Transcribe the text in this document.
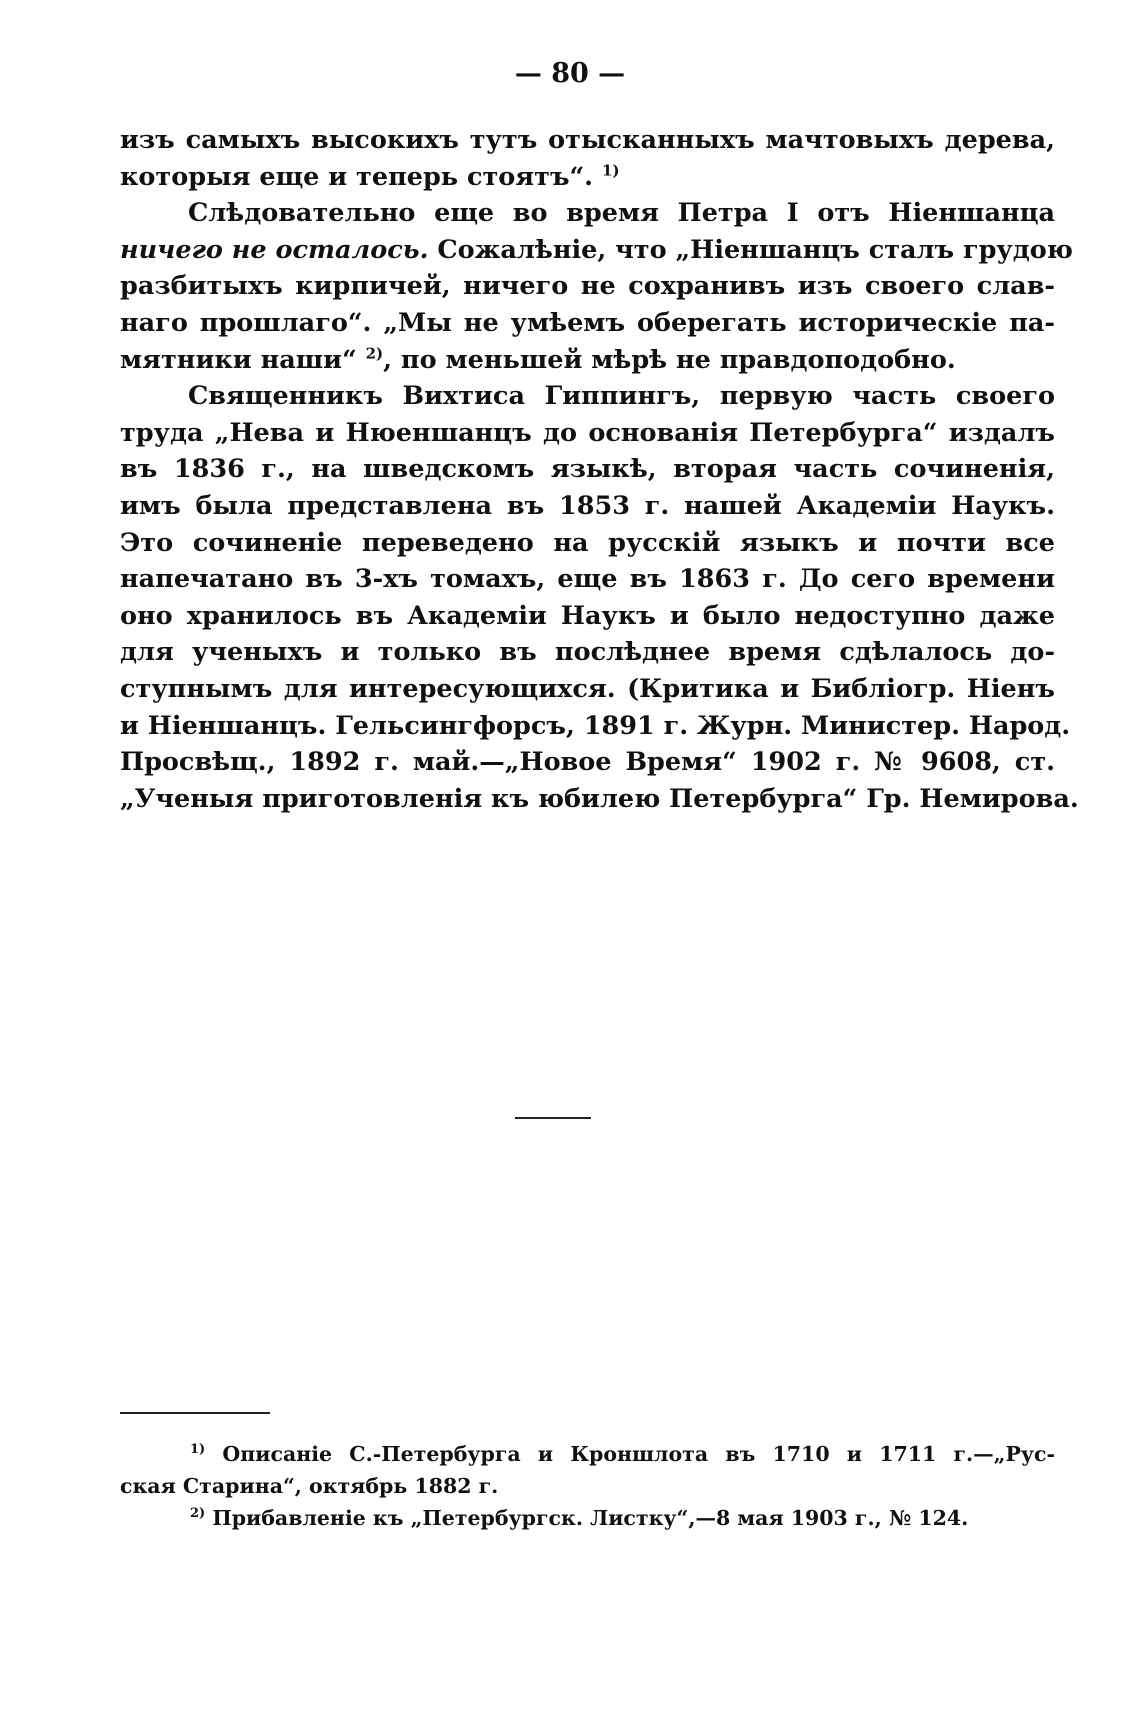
— 80 —
изъ самыхъ высокихъ тутъ отысканныхъ мачтовыхъ дерева,
которыя еще и теперь стоятъ“. $^{1)}$
Слѣдовательно еще во время Петра I отъ Ніеншанца
ничего не осталось. Сожалѣніе, что „Ніеншанцъ сталъ грудою
разбитыхъ кирпичей, ничего не сохранивъ изъ своего слав-
наго прошлаго“. „Мы не умѣемъ оберегать историческіе па-
мятники наши“ $^{2)}$, по меньшей мѣрѣ не правдоподобно.
Священникъ Вихтиса Гиппингъ, первую часть своего
труда „Нева и Нюеншанцъ до основанія Петербурга“ издалъ
въ 1836 г., на шведскомъ языкѣ, вторая часть сочиненія,
имъ была представлена въ 1853 г. нашей Академіи Наукъ.
Это сочиненіе переведено на русскій языкъ и почти все
напечатано въ 3-хъ томахъ, еще въ 1863 г. До сего времени
оно хранилось въ Академіи Наукъ и было недоступно даже
для ученыхъ и только въ послѣднее время сдѣлалось до-
ступнымъ для интересующихся. (Критика и Библіогр. Ніенъ
и Ніеншанцъ. Гельсингфорсъ, 1891 г. Журн. Министер. Народ.
Просвѣщ., 1892 г. май.—„Новое Время“ 1902 г. № 9608, ст.
„Ученыя приготовленія къ юбилею Петербурга“ Гр. Немирова.
$^{1)}$ Описаніе С.-Петербурга и Кроншлота въ 1710 и 1711 г.—„Рус-
ская Старина“, октябрь 1882 г.
$^{2)}$ Прибавленіе къ „Петербургск. Листку“,—8 мая 1903 г., № 124.
